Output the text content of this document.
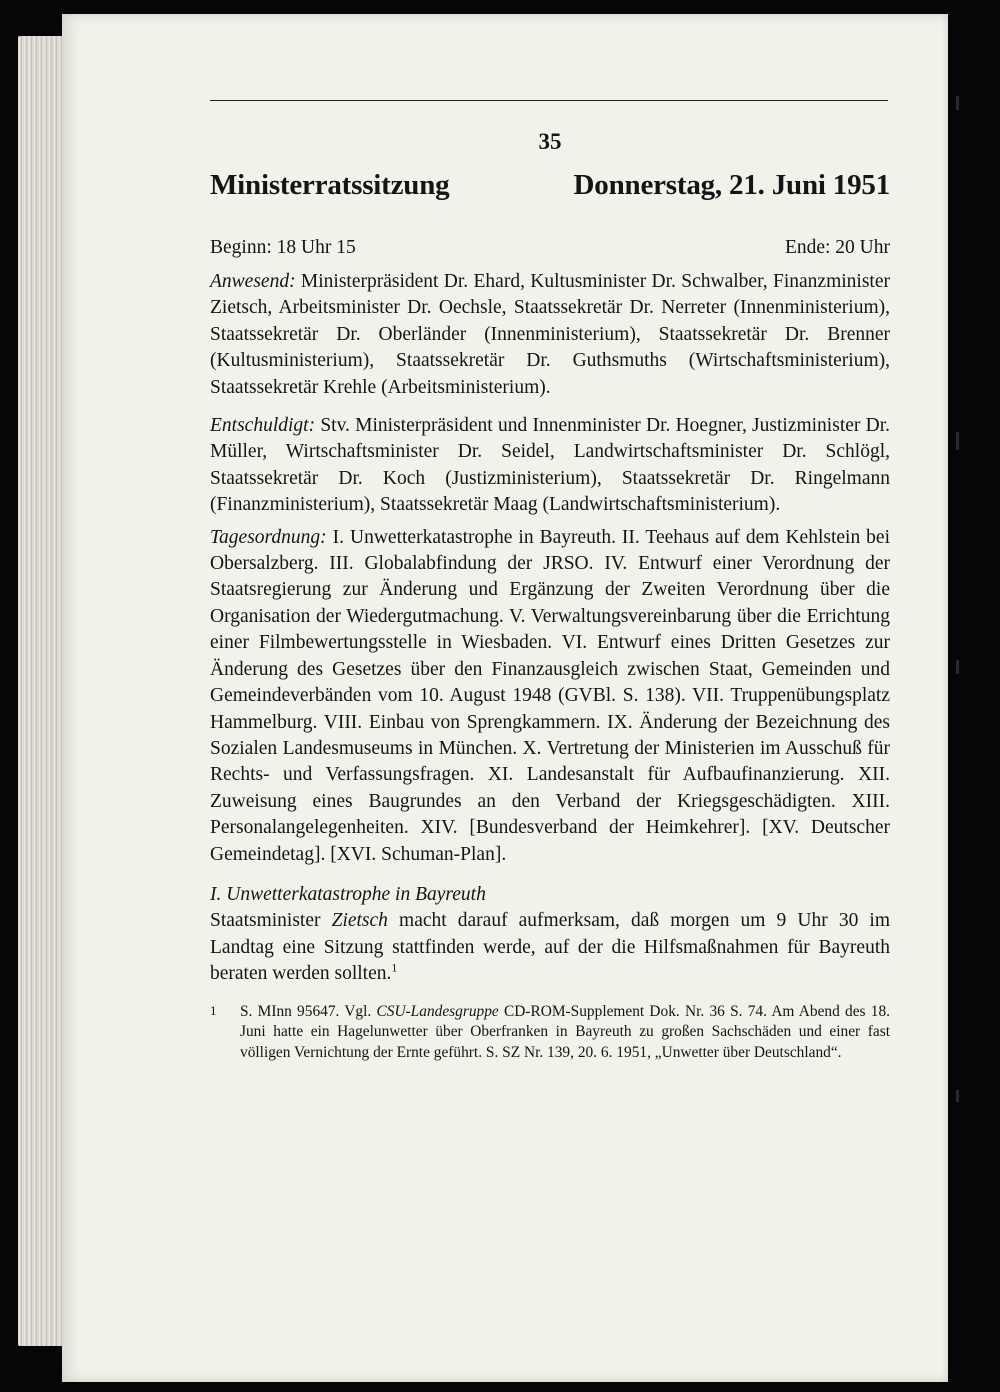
35
Ministerratssitzung	Donnerstag, 21. Juni 1951
Beginn: 18 Uhr 15	Ende: 20 Uhr

Anwesend: Ministerpräsident Dr. Ehard, Kultusminister Dr. Schwalber, Finanzminister Zietsch, Arbeitsminister Dr. Oechsle, Staatssekretär Dr. Nerreter (Innenministerium), Staatssekretär Dr. Oberländer (Innenministerium), Staatssekretär Dr. Brenner (Kultusministerium), Staatssekretär Dr. Guthsmuths (Wirtschaftsministerium), Staatssekretär Krehle (Arbeitsministerium).

Entschuldigt: Stv. Ministerpräsident und Innenminister Dr. Hoegner, Justizminister Dr. Müller, Wirtschaftsminister Dr. Seidel, Landwirtschaftsminister Dr. Schlögl, Staatssekretär Dr. Koch (Justizministerium), Staatssekretär Dr. Ringelmann (Finanzministerium), Staatssekretär Maag (Landwirtschaftsministerium).

Tagesordnung: I. Unwetterkatastrophe in Bayreuth. II. Teehaus auf dem Kehlstein bei Obersalzberg. III. Globalabfindung der JRSO. IV. Entwurf einer Verordnung der Staatsregierung zur Änderung und Ergänzung der Zweiten Verordnung über die Organisation der Wiedergutmachung. V. Verwaltungsvereinbarung über die Errichtung einer Filmbewertungsstelle in Wiesbaden. VI. Entwurf eines Dritten Gesetzes zur Änderung des Gesetzes über den Finanzausgleich zwischen Staat, Gemeinden und Gemeindeverbänden vom 10. August 1948 (GVBl. S. 138). VII. Truppenübungsplatz Hammelburg. VIII. Einbau von Sprengkammern. IX. Änderung der Bezeichnung des Sozialen Landesmuseums in München. X. Vertretung der Ministerien im Ausschuß für Rechts- und Verfassungsfragen. XI. Landesanstalt für Aufbaufinanzierung. XII. Zuweisung eines Baugrundes an den Verband der Kriegsgeschädigten. XIII. Personalangelegenheiten. XIV. [Bundesverband der Heimkehrer]. [XV. Deutscher Gemeindetag]. [XVI. Schuman-Plan].

I. Unwetterkatastrophe in Bayreuth

Staatsminister Zietsch macht darauf aufmerksam, daß morgen um 9 Uhr 30 im Landtag eine Sitzung stattfinden werde, auf der die Hilfsmaßnahmen für Bayreuth beraten werden sollten.$^1$

1	S. MInn 95647. Vgl. CSU-Landesgruppe CD-ROM-Supplement Dok. Nr. 36 S. 74. Am Abend des 18. Juni hatte ein Hagelunwetter über Oberfranken in Bayreuth zu großen Sachschäden und einer fast völligen Vernichtung der Ernte geführt. S. SZ Nr. 139, 20. 6. 1951, „Unwetter über Deutschland“.
